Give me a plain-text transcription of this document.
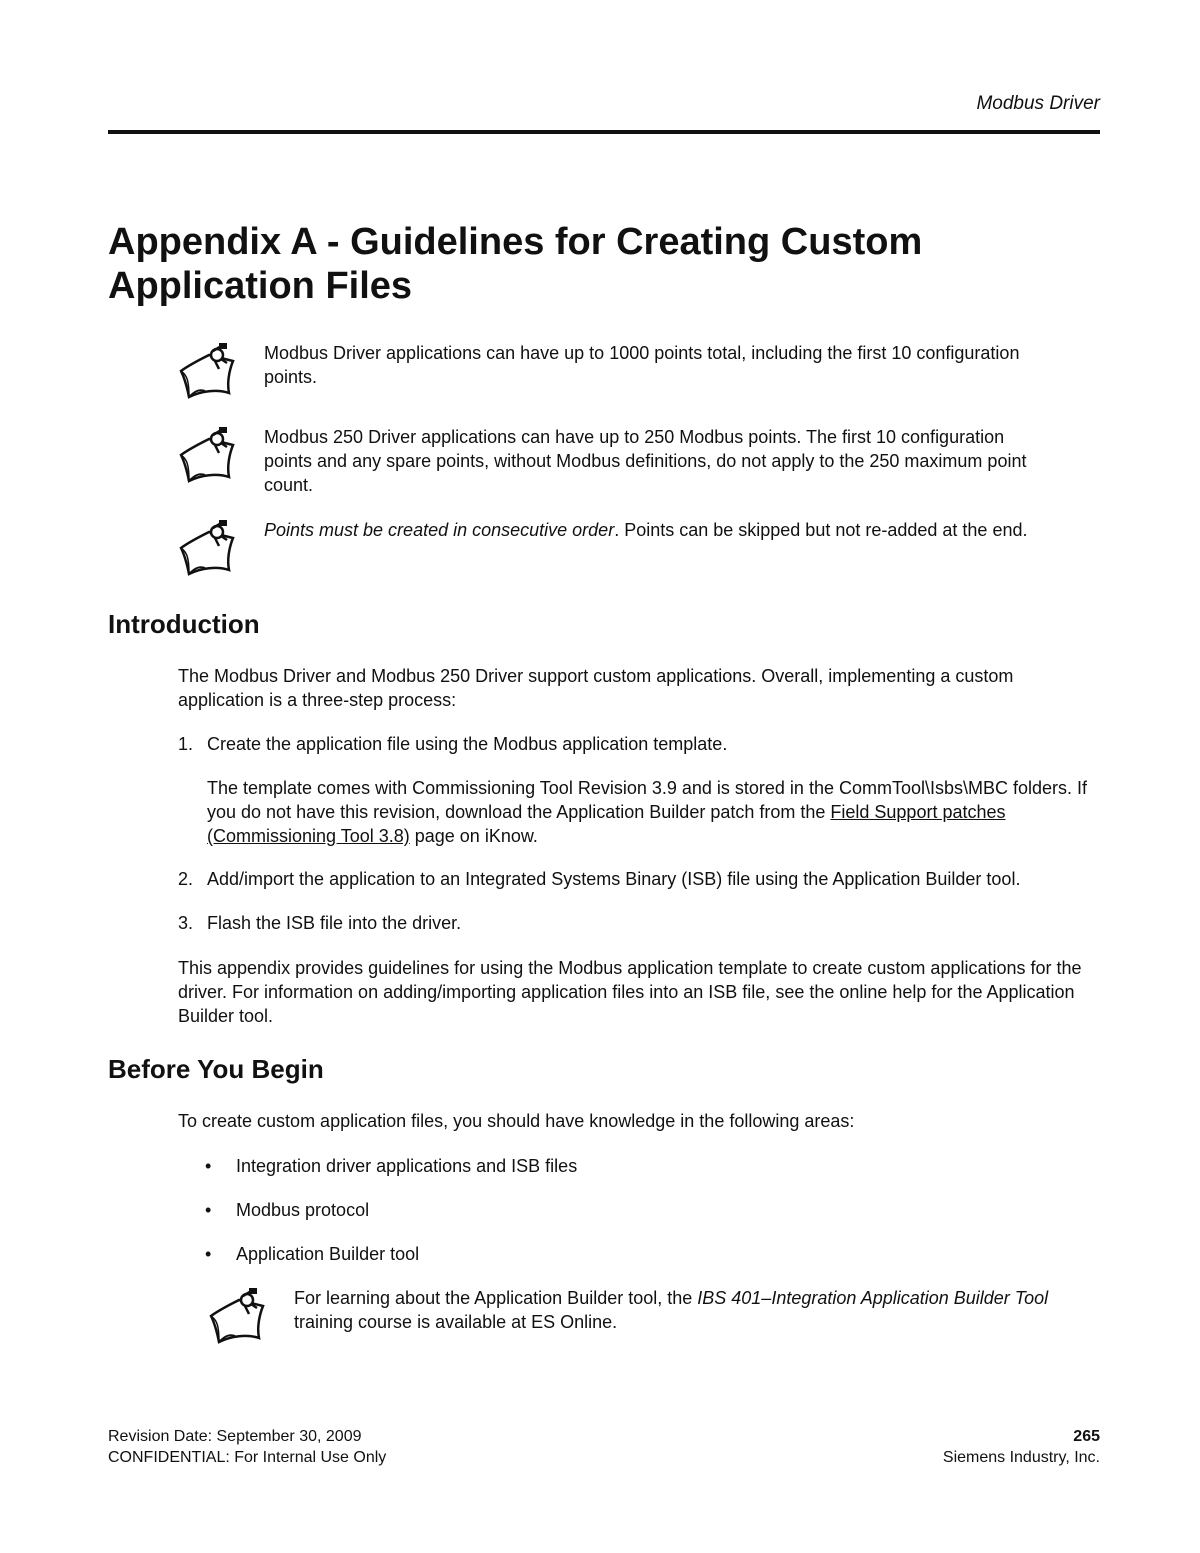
Modbus Driver
Appendix A - Guidelines for Creating Custom Application Files
Modbus Driver applications can have up to 1000 points total, including the first 10 configuration points.
Modbus 250 Driver applications can have up to 250 Modbus points. The first 10 configuration points and any spare points, without Modbus definitions, do not apply to the 250 maximum point count.
Points must be created in consecutive order. Points can be skipped but not re-added at the end.
Introduction

The Modbus Driver and Modbus 250 Driver support custom applications. Overall, implementing a custom application is a three-step process:

1. Create the application file using the Modbus application template.
The template comes with Commissioning Tool Revision 3.9 and is stored in the CommTool\Isbs\MBC folders. If you do not have this revision, download the Application Builder patch from the Field Support patches (Commissioning Tool 3.8) page on iKnow.
2. Add/import the application to an Integrated Systems Binary (ISB) file using the Application Builder tool.
3. Flash the ISB file into the driver.

This appendix provides guidelines for using the Modbus application template to create custom applications for the driver. For information on adding/importing application files into an ISB file, see the online help for the Application Builder tool.

Before You Begin

To create custom application files, you should have knowledge in the following areas:

• Integration driver applications and ISB files
• Modbus protocol
• Application Builder tool
For learning about the Application Builder tool, the IBS 401–Integration Application Builder Tool training course is available at ES Online.
Revision Date: September 30, 2009
CONFIDENTIAL: For Internal Use Only
265
Siemens Industry, Inc.
